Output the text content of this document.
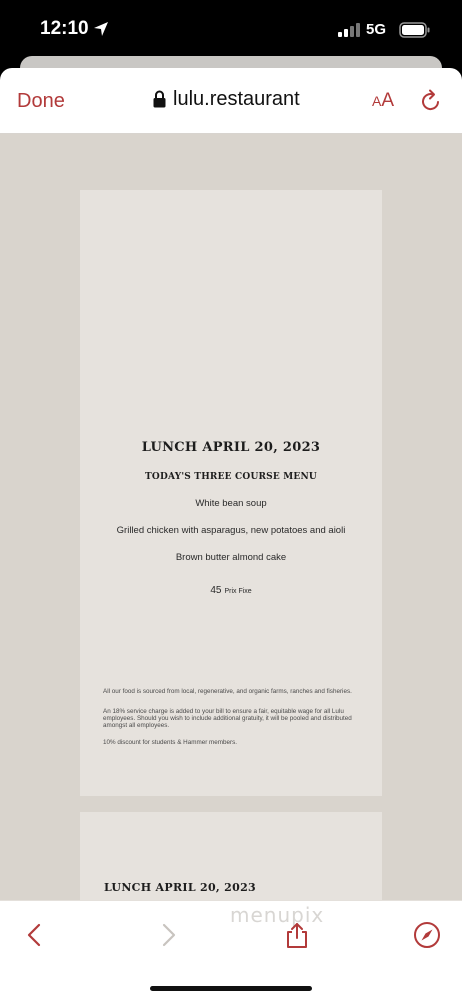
12:10	5G
Done	lulu.restaurant	AA
LUNCH APRIL 20, 2023
TODAY'S THREE COURSE MENU
White bean soup
Grilled chicken with asparagus, new potatoes and aioli
Brown butter almond cake
45 Prix Fixe
All our food is sourced from local, regenerative, and organic farms, ranches and fisheries.
An 18% service charge is added to your bill to ensure a fair, equitable wage for all Lulu employees. Should you wish to include additional gratuity, it will be pooled and distributed amongst all employees.
10% discount for students & Hammer members.
LUNCH APRIL 20, 2023
menupix
